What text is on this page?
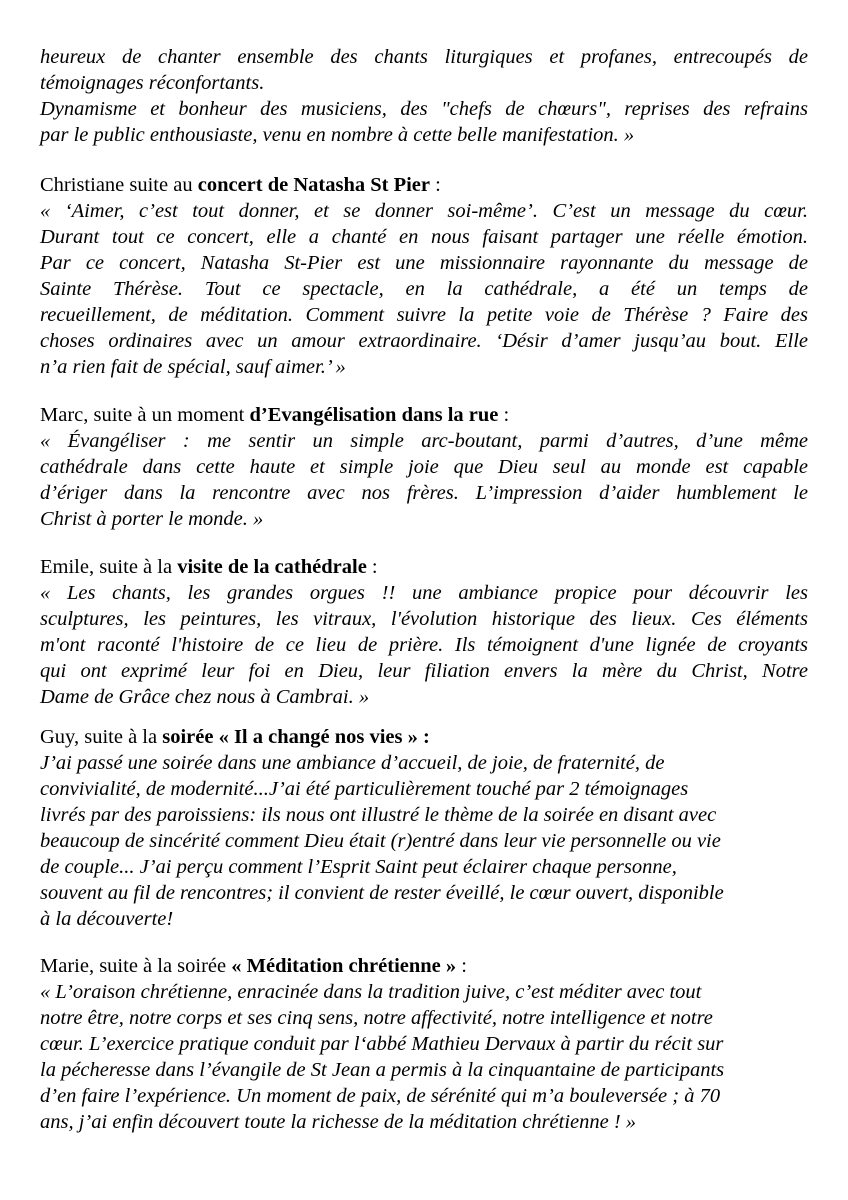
heureux de chanter ensemble des chants liturgiques et profanes, entrecoupés de
témoignages réconfortants.
Dynamisme et bonheur des musiciens, des "chefs de chœurs", reprises des refrains
par le public enthousiaste, venu en nombre à cette belle manifestation. »

Christiane suite au concert de Natasha St Pier :

« ‘Aimer, c’est tout donner, et se donner soi-même’. C’est un message du cœur.
Durant tout ce concert, elle a chanté en nous faisant partager une réelle émotion.
Par ce concert, Natasha St-Pier est une missionnaire rayonnante du message de
Sainte Thérèse. Tout ce spectacle, en la cathédrale, a été un temps de
recueillement, de méditation. Comment suivre la petite voie de Thérèse ? Faire des
choses ordinaires avec un amour extraordinaire. ‘Désir d’amer jusqu’au bout. Elle
n’a rien fait de spécial, sauf aimer.’ »

Marc, suite à un moment d’Evangélisation dans la rue :

« Évangéliser : me sentir un simple arc-boutant, parmi d’autres, d’une même
cathédrale dans cette haute et simple joie que Dieu seul au monde est capable
d’ériger dans la rencontre avec nos frères. L’impression d’aider humblement le
Christ à porter le monde. »

Emile, suite à la visite de la cathédrale :

« Les chants, les grandes orgues !! une ambiance propice pour découvrir les
sculptures, les peintures, les vitraux, l'évolution historique des lieux. Ces éléments
m'ont raconté l'histoire de ce lieu de prière. Ils témoignent d'une lignée de croyants
qui ont exprimé leur foi en Dieu, leur filiation envers la mère du Christ, Notre
Dame de Grâce chez nous à Cambrai. »

Guy, suite à la soirée « Il a changé nos vies » :

J’ai passé une soirée dans une ambiance d’accueil, de joie, de fraternité, de
convivialité, de modernité...J’ai été particulièrement touché par 2 témoignages
livrés par des paroissiens: ils nous ont illustré le thème de la soirée en disant avec
beaucoup de sincérité comment Dieu était (r)entré dans leur vie personnelle ou vie
de couple... J’ai perçu comment l’Esprit Saint peut éclairer chaque personne,
souvent au fil de rencontres; il convient de rester éveillé, le cœur ouvert, disponible
à la découverte!

Marie, suite à la soirée « Méditation chrétienne » :

« L’oraison chrétienne, enracinée dans la tradition juive, c’est méditer avec tout
notre être, notre corps et ses cinq sens, notre affectivité, notre intelligence et notre
cœur. L’exercice pratique conduit par l‘abbé Mathieu Dervaux à partir du récit sur
la pécheresse dans l’évangile de St Jean a permis à la cinquantaine de participants
d’en faire l’expérience. Un moment de paix, de sérénité qui m’a bouleversée ; à 70
ans, j’ai enfin découvert toute la richesse de la méditation chrétienne ! »
